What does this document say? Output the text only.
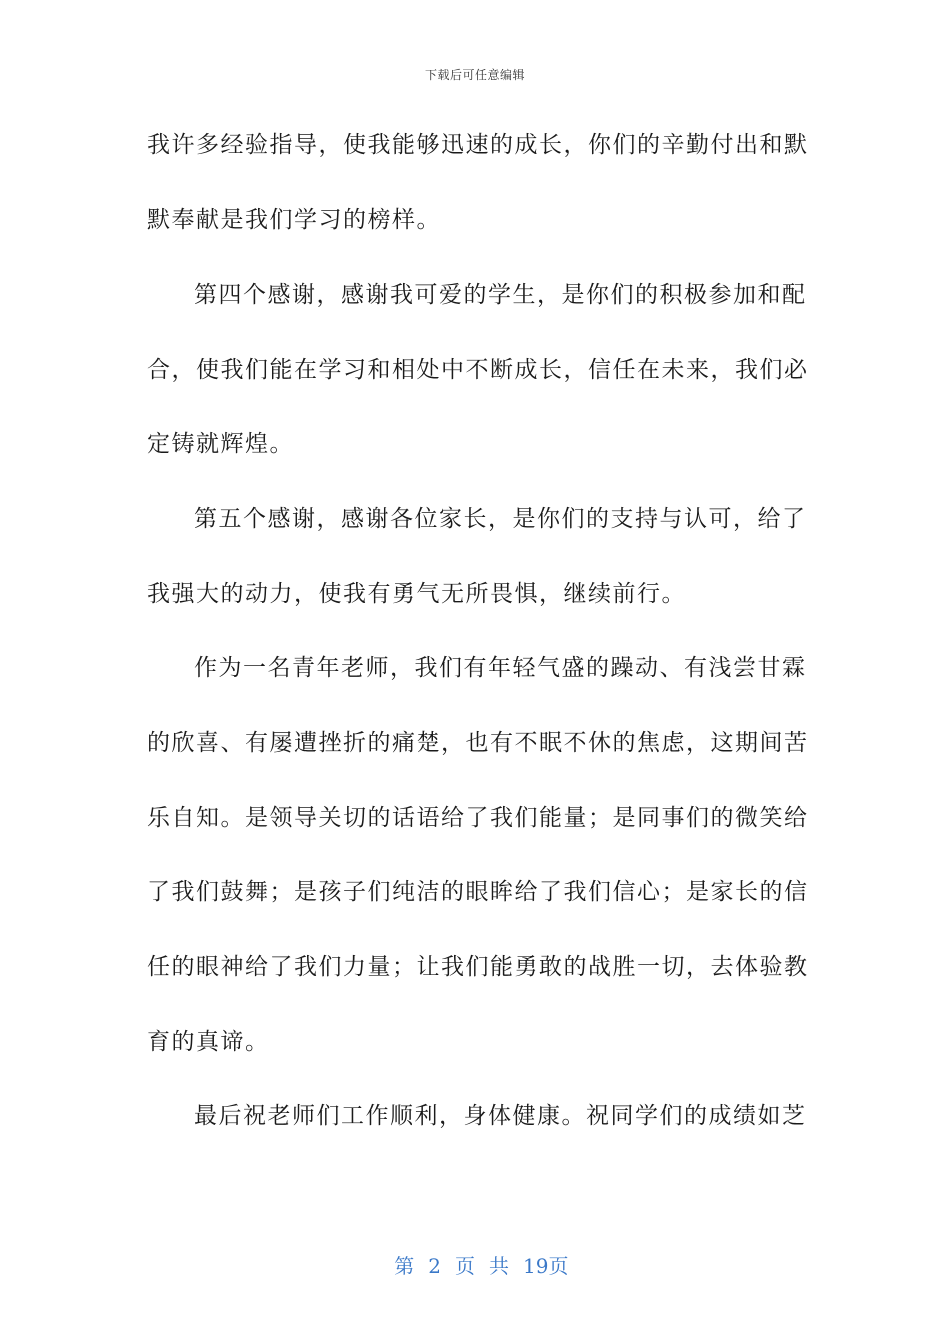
下载后可任意编辑
我许多经验指导，使我能够迅速的成长，你们的辛勤付出和默
默奉献是我们学习的榜样。
第四个感谢，感谢我可爱的学生，是你们的积极参加和配
合，使我们能在学习和相处中不断成长，信任在未来，我们必
定铸就辉煌。
第五个感谢，感谢各位家长，是你们的支持与认可，给了
我强大的动力，使我有勇气无所畏惧，继续前行。
作为一名青年老师，我们有年轻气盛的躁动、有浅尝甘霖
的欣喜、有屡遭挫折的痛楚，也有不眠不休的焦虑，这期间苦
乐自知。是领导关切的话语给了我们能量；是同事们的微笑给
了我们鼓舞；是孩子们纯洁的眼眸给了我们信心；是家长的信
任的眼神给了我们力量；让我们能勇敢的战胜一切，去体验教
育的真谛。
最后祝老师们工作顺利，身体健康。祝同学们的成绩如芝

第 2 页 共 19页
